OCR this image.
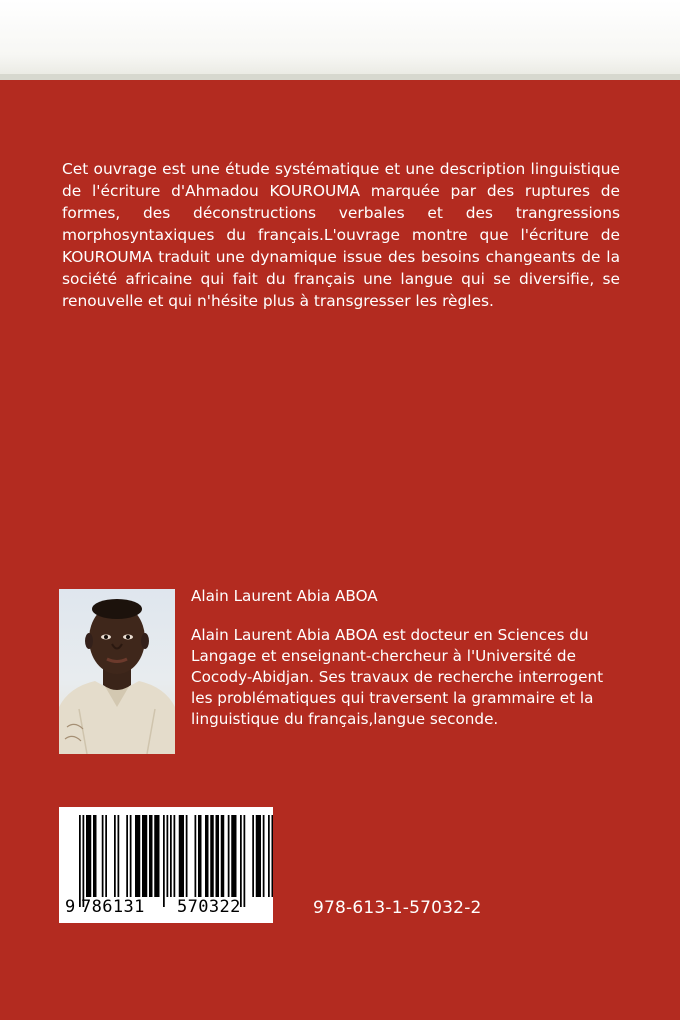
Cet ouvrage est une étude systématique et une description linguistique de l'écriture d'Ahmadou KOUROUMA marquée par des ruptures de formes, des déconstructions verbales et des trangressions morphosyntaxiques du français.L'ouvrage montre que l'écriture de KOUROUMA traduit une dynamique issue des besoins changeants de la société africaine qui fait du français une langue qui se diversifie, se renouvelle et qui n'hésite plus à transgresser les règles.

Alain Laurent Abia ABOA

Alain Laurent Abia ABOA est docteur en Sciences du Langage et enseignant-chercheur à l'Université de Cocody-Abidjan. Ses travaux de recherche interrogent les problématiques qui traversent la grammaire et la linguistique du français,langue seconde.

9 786131 570322	978-613-1-57032-2
